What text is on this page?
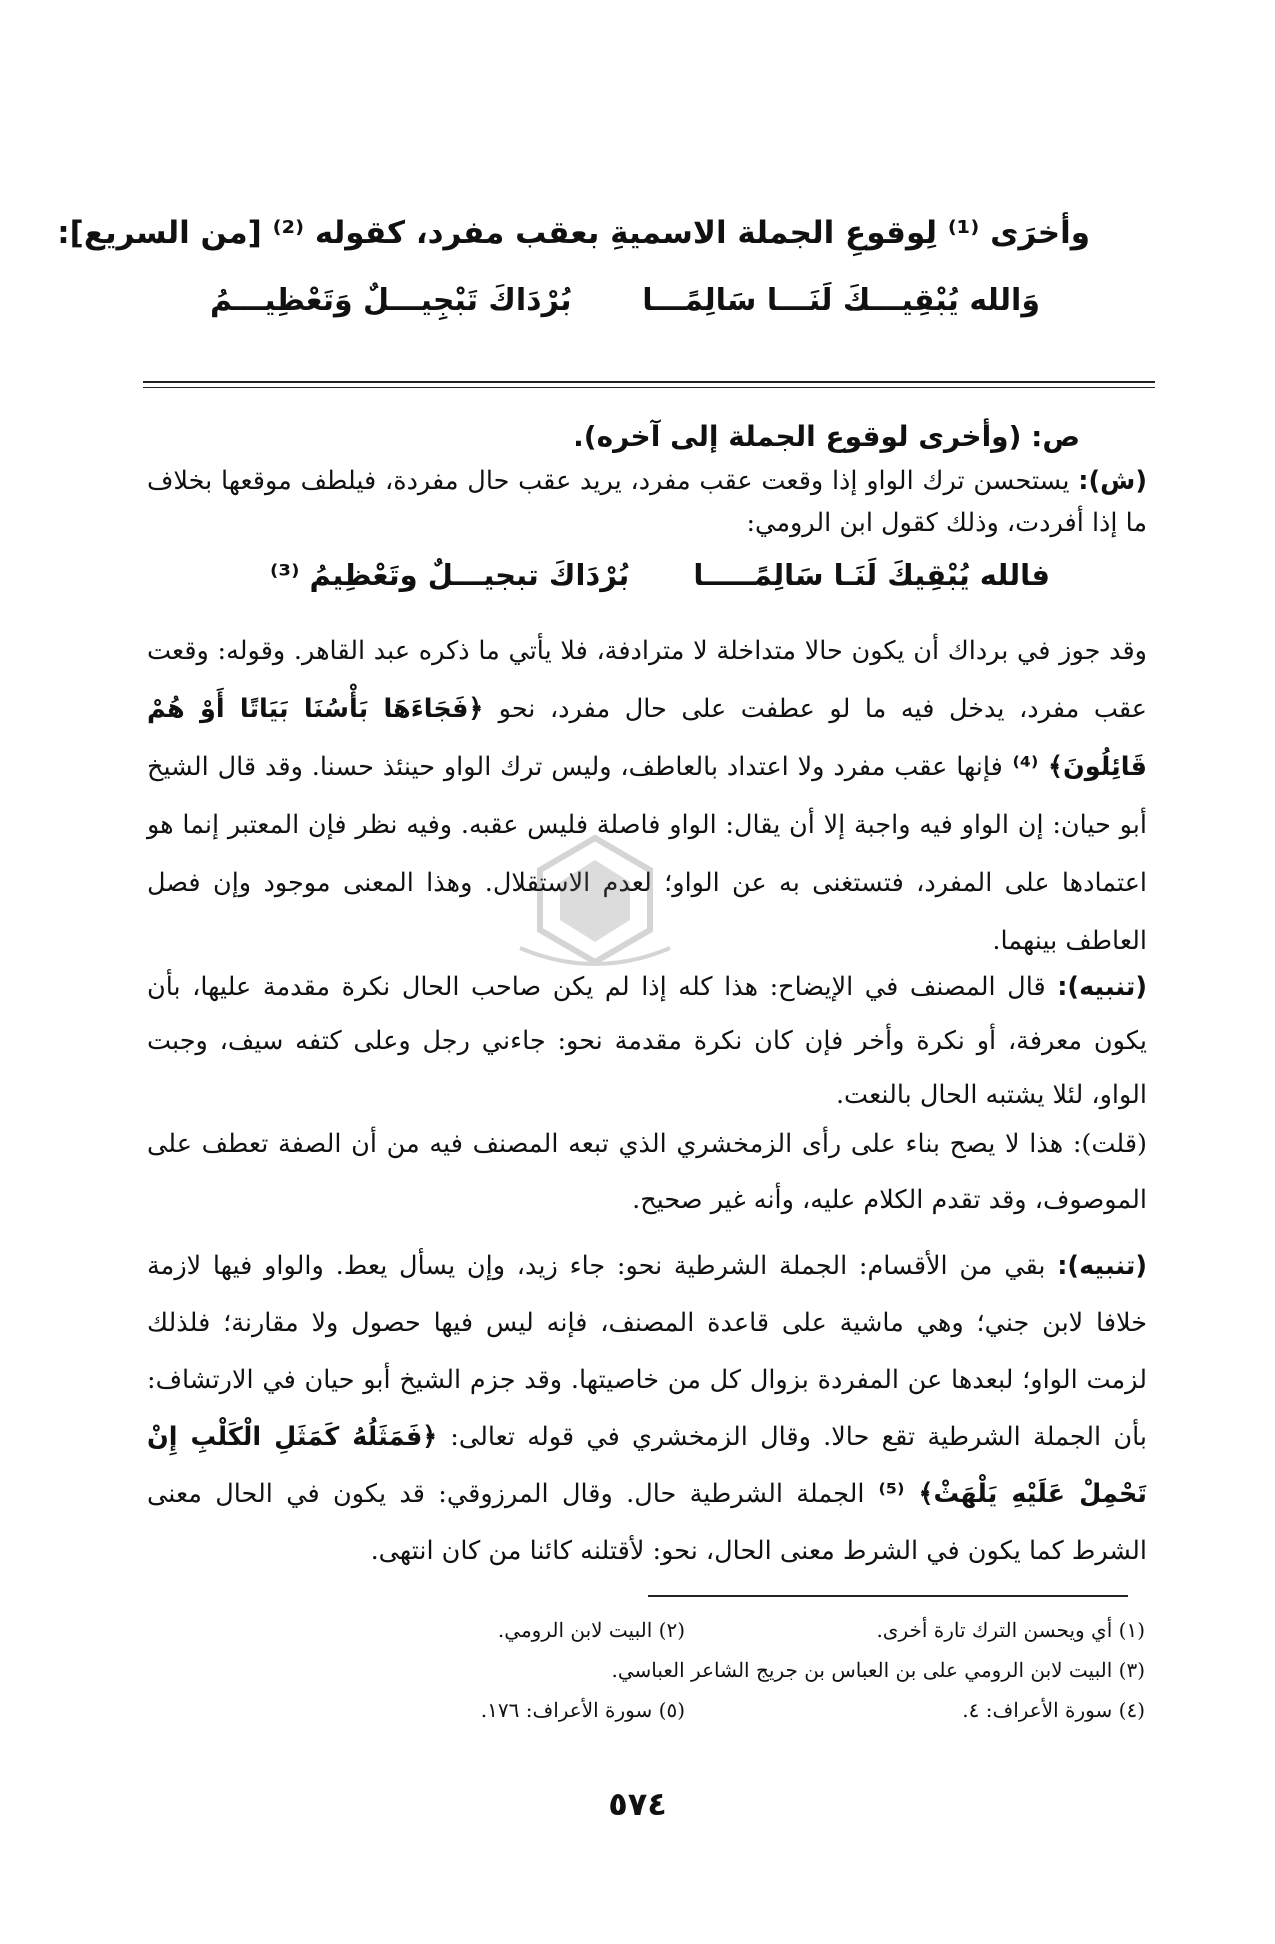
وأخرَى ⁽¹⁾ لِوقوعِ الجملة الاسميةِ بعقب مفرد، كقوله ⁽²⁾ [من السريع]:
وَالله يُبْقِيـــكَ لَنَـــا سَالِمًـــا
بُرْدَاكَ تَبْجِيـــلٌ وَتَعْظِيـــمُ
ص: (وأخرى لوقوع الجملة إلى آخره).
(ش): يستحسن ترك الواو إذا وقعت عقب مفرد، يريد عقب حال مفردة، فيلطف موقعها بخلاف ما إذا أفردت، وذلك كقول ابن الرومي:
فالله يُبْقِيكَ لَنَـا سَالِمًـــــا
بُرْدَاكَ تبجيـــلٌ وتَعْظِيمُ ⁽³⁾
وقد جوز في برداك أن يكون حالا متداخلة لا مترادفة، فلا يأتي ما ذكره عبد القاهر. وقوله: وقعت عقب مفرد، يدخل فيه ما لو عطفت على حال مفرد، نحو ﴿فَجَاءَهَا بَأْسُنَا بَيَاتًا أَوْ هُمْ قَائِلُونَ﴾ ⁽⁴⁾ فإنها عقب مفرد ولا اعتداد بالعاطف، وليس ترك الواو حينئذ حسنا. وقد قال الشيخ أبو حيان: إن الواو فيه واجبة إلا أن يقال: الواو فاصلة فليس عقبه. وفيه نظر فإن المعتبر إنما هو اعتمادها على المفرد، فتستغنى به عن الواو؛ لعدم الاستقلال. وهذا المعنى موجود وإن فصل العاطف بينهما.
(تنبيه): قال المصنف في الإيضاح: هذا كله إذا لم يكن صاحب الحال نكرة مقدمة عليها، بأن يكون معرفة، أو نكرة وأخر فإن كان نكرة مقدمة نحو: جاءني رجل وعلى كتفه سيف، وجبت الواو، لئلا يشتبه الحال بالنعت.
(قلت): هذا لا يصح بناء على رأى الزمخشري الذي تبعه المصنف فيه من أن الصفة تعطف على الموصوف، وقد تقدم الكلام عليه، وأنه غير صحيح.
(تنبيه): بقي من الأقسام: الجملة الشرطية نحو: جاء زيد، وإن يسأل يعط. والواو فيها لازمة خلافا لابن جني؛ وهي ماشية على قاعدة المصنف، فإنه ليس فيها حصول ولا مقارنة؛ فلذلك لزمت الواو؛ لبعدها عن المفردة بزوال كل من خاصيتها. وقد جزم الشيخ أبو حيان في الارتشاف: بأن الجملة الشرطية تقع حالا. وقال الزمخشري في قوله تعالى: ﴿فَمَثَلُهُ كَمَثَلِ الْكَلْبِ إِنْ تَحْمِلْ عَلَيْهِ يَلْهَثْ﴾ ⁽⁵⁾ الجملة الشرطية حال. وقال المرزوقي: قد يكون في الحال معنى الشرط كما يكون في الشرط معنى الحال، نحو: لأقتلنه كائنا من كان انتهى.
(١) أي ويحسن الترك تارة أخرى.
(٢) البيت لابن الرومي.
(٣) البيت لابن الرومي على بن العباس بن جريج الشاعر العباسي.
(٤) سورة الأعراف: ٤.
(٥) سورة الأعراف: ١٧٦.
٥٧٤
